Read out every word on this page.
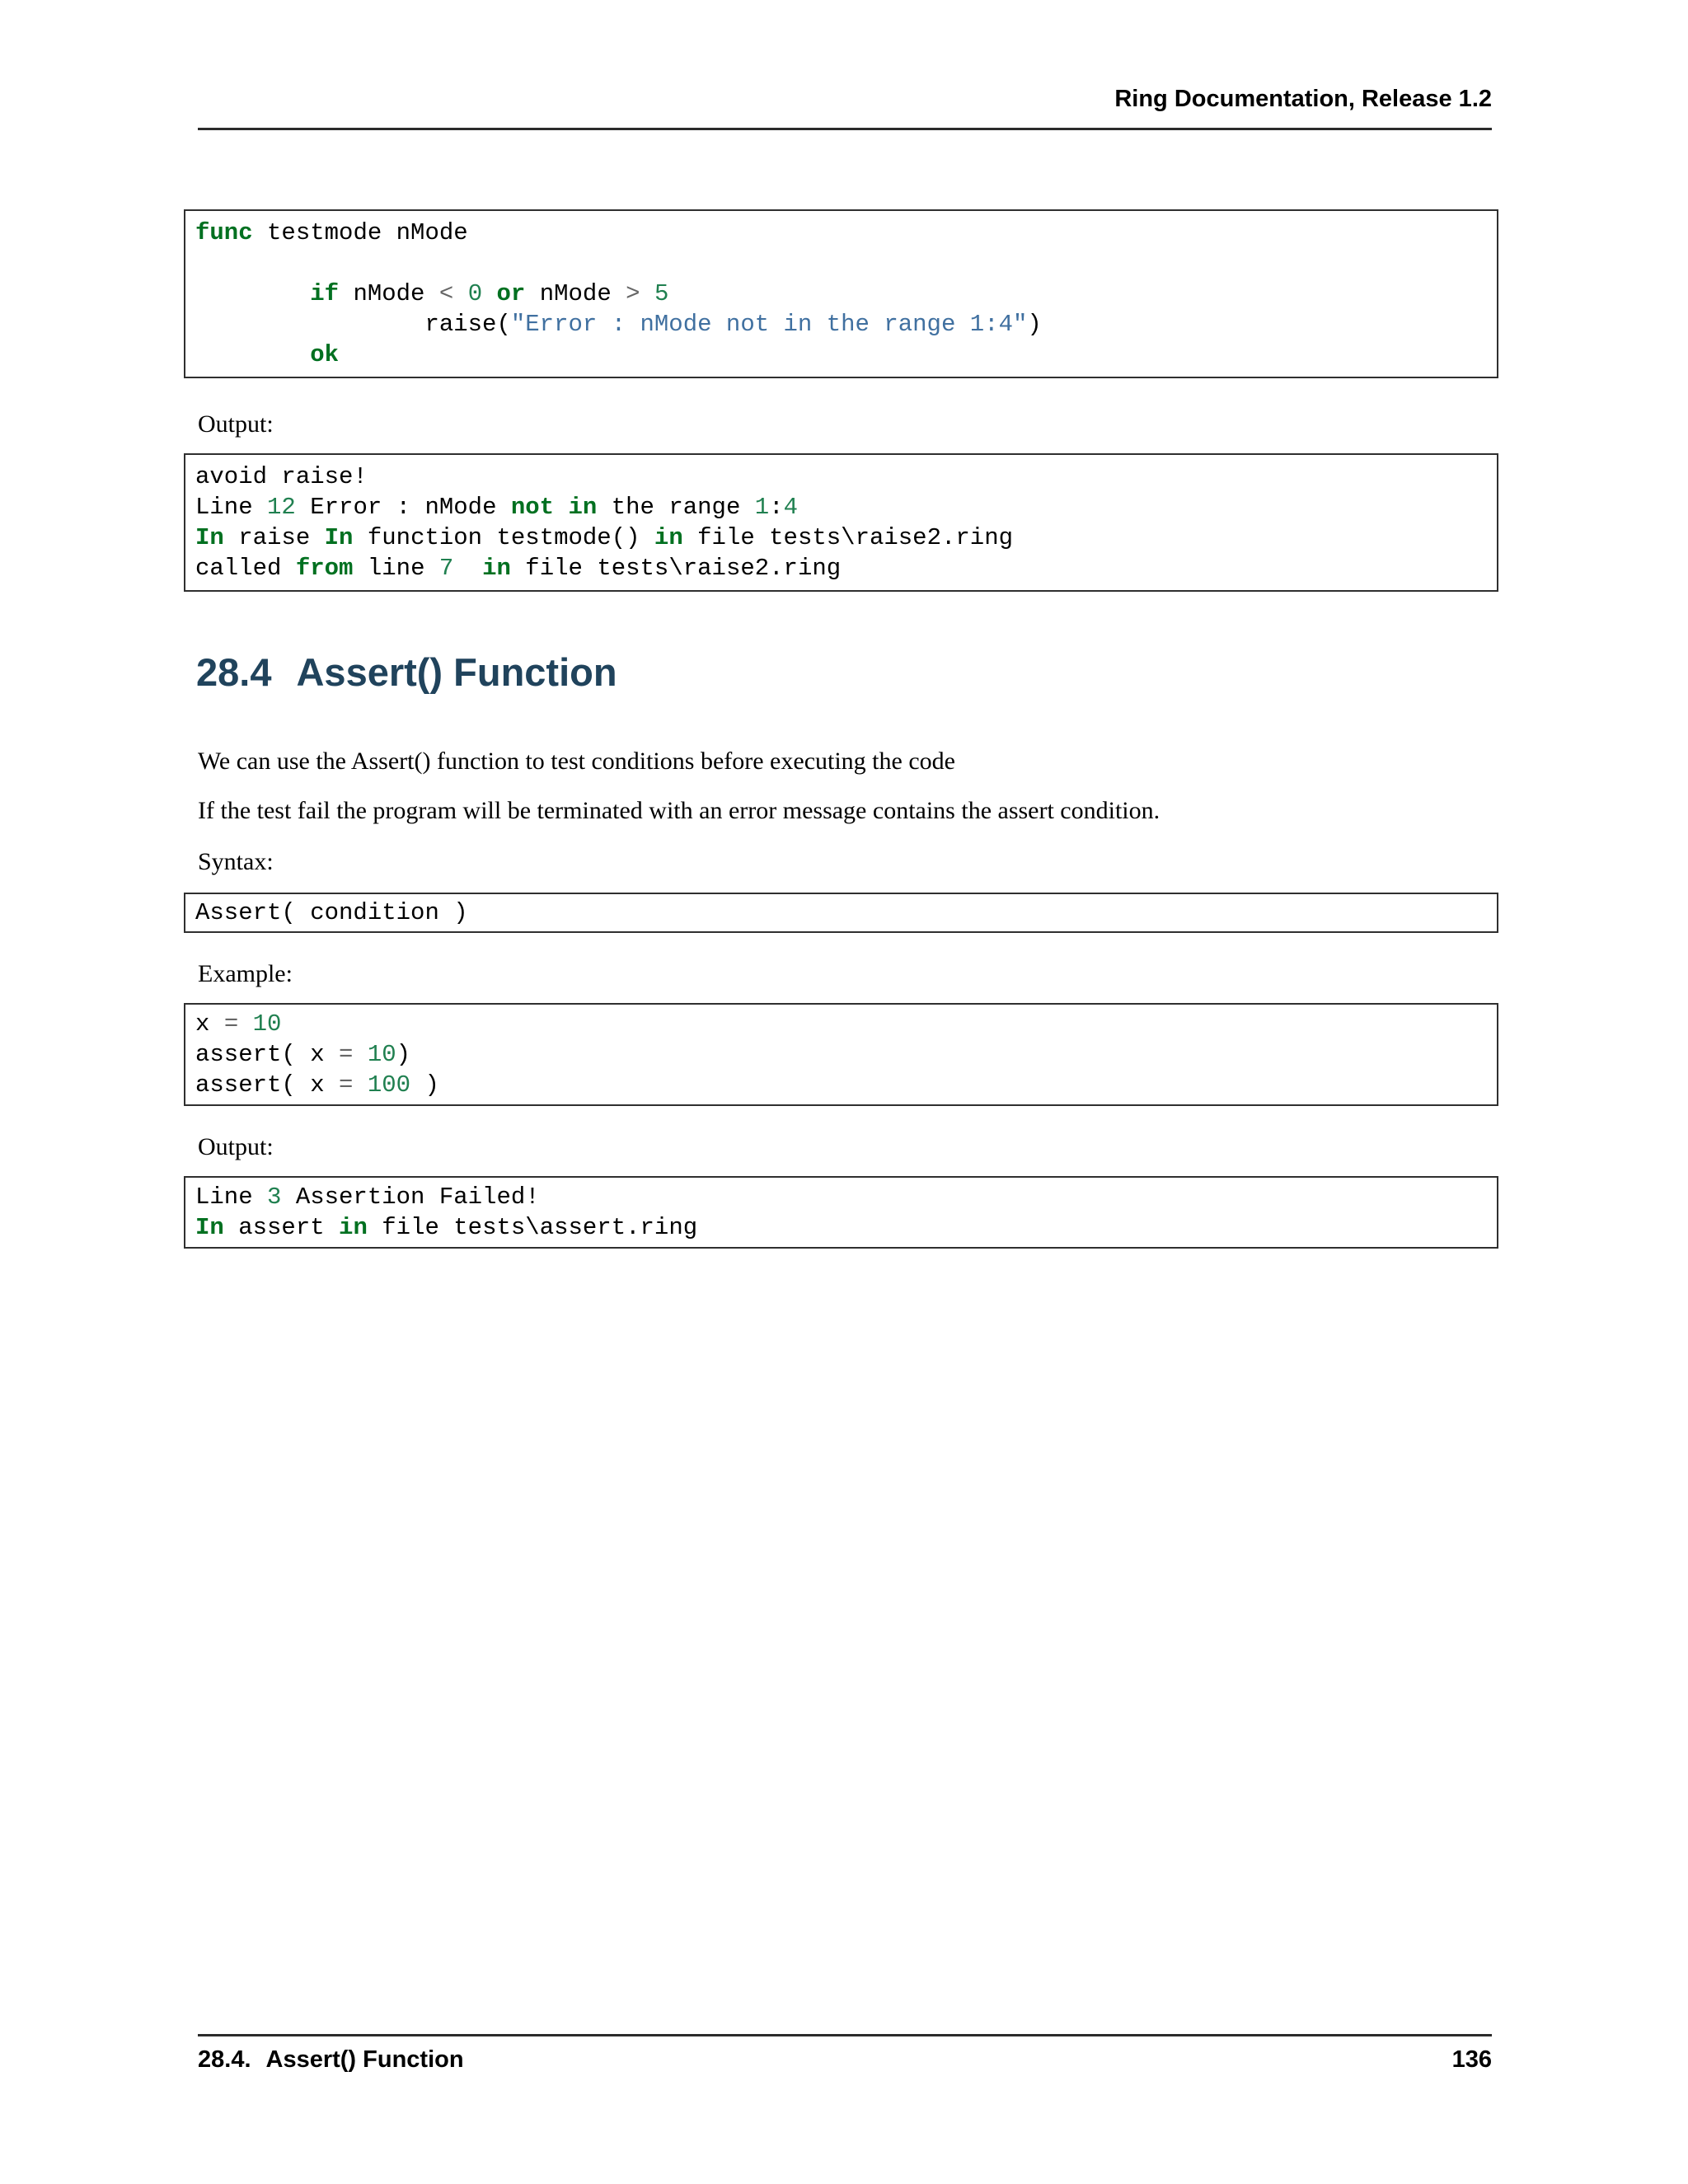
Ring Documentation, Release 1.2
func testmode nMode

if nMode < 0 or nMode > 5
raise("Error : nMode not in the range 1:4")
ok
Output:
avoid raise!
Line 12 Error : nMode not in the range 1:4
In raise In function testmode() in file tests\raise2.ring
called from line 7 in file tests\raise2.ring
28.4 Assert() Function
We can use the Assert() function to test conditions before executing the code
If the test fail the program will be terminated with an error message contains the assert condition.
Syntax:
Assert( condition )
Example:
x = 10
assert( x = 10)
assert( x = 100 )
Output:
Line 3 Assertion Failed!
In assert in file tests\assert.ring
28.4. Assert() Function	136
